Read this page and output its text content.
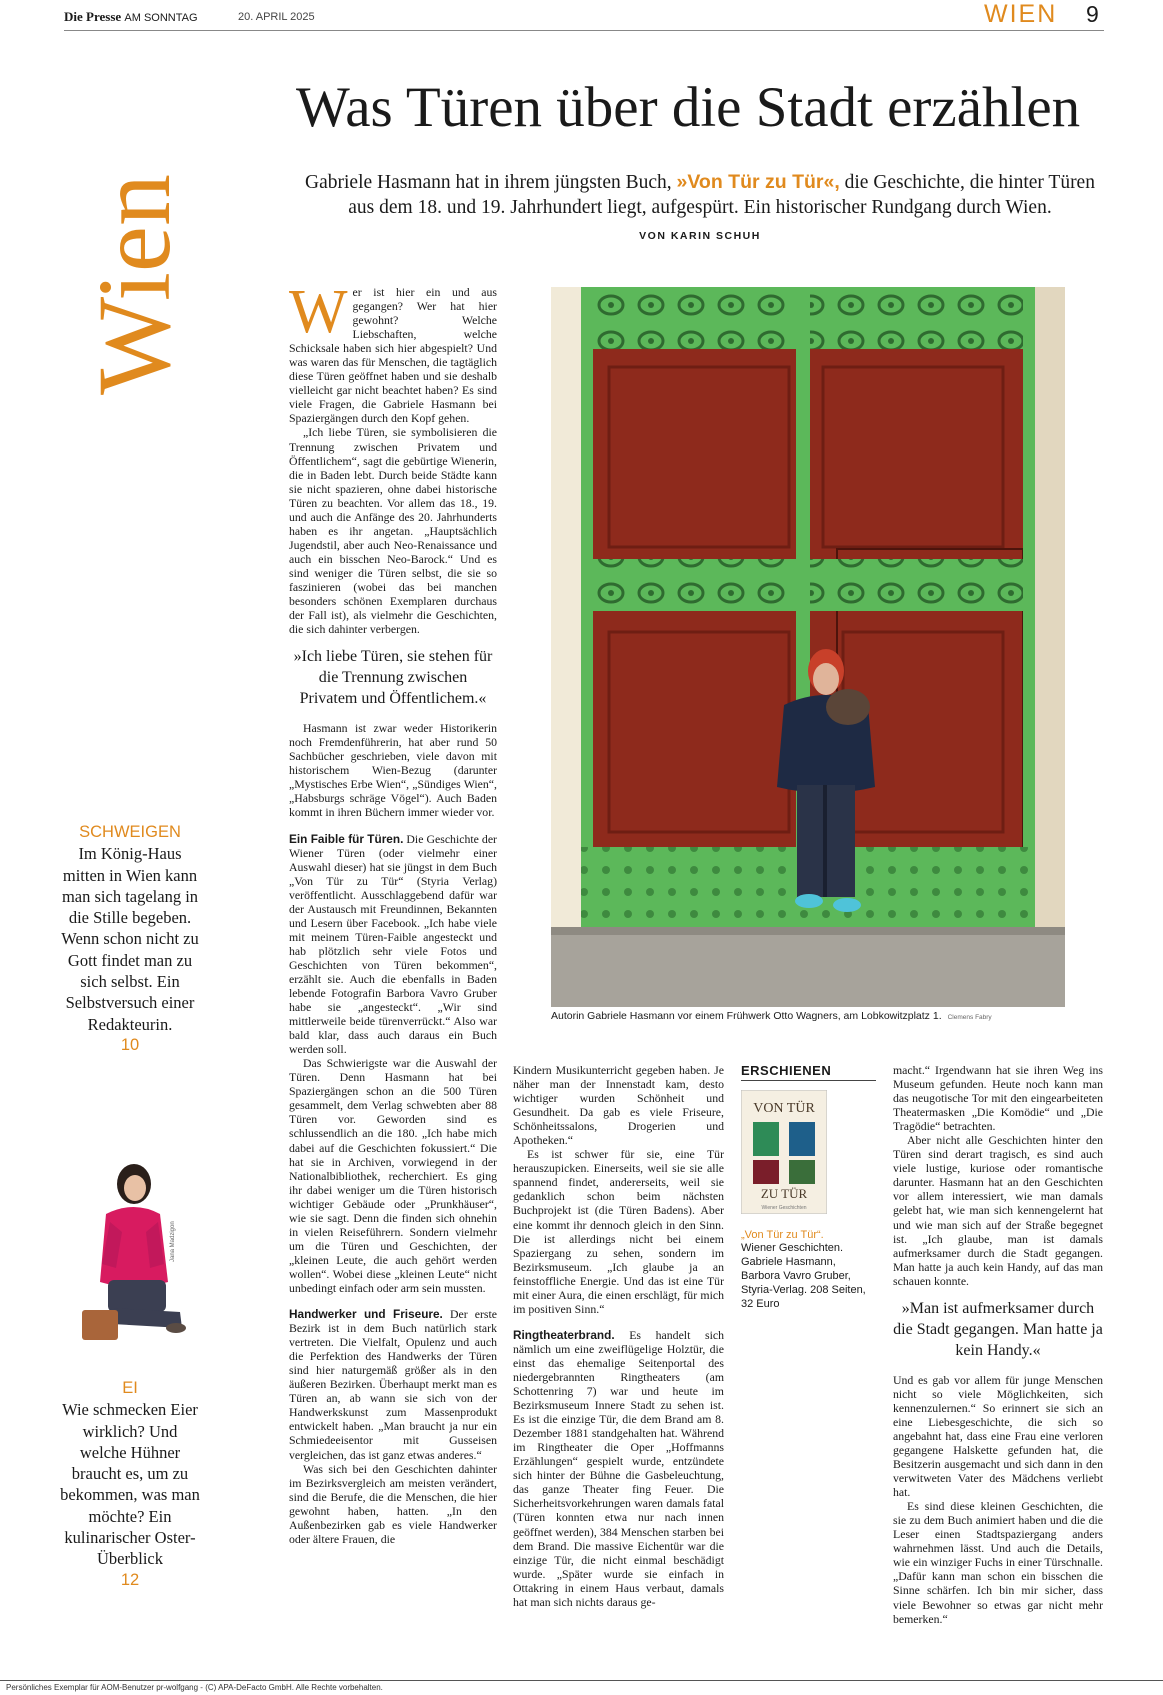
Die Presse AM SONNTAG	20. APRIL 2025	WIEN 9
Wien
Was Türen über die Stadt erzählen
Gabriele Hasmann hat in ihrem jüngsten Buch, »Von Tür zu Tür«, die Geschichte, die hinter Türen aus dem 18. und 19. Jahrhundert liegt, aufgespürt. Ein historischer Rundgang durch Wien.
VON KARIN SCHUH
SCHWEIGEN
Im König-Haus mitten in Wien kann man sich tagelang in die Stille begeben. Wenn schon nicht zu Gott findet man zu sich selbst. Ein Selbstversuch einer Redakteurin.
10
Jana Madzigon
EI
Wie schmecken Eier wirklich? Und welche Hühner braucht es, um zu bekommen, was man möchte? Ein kulinarischer Oster-Überblick
12

Wer ist hier ein und aus gegangen? Wer hat hier gewohnt? Welche Liebschaften, welche Schicksale haben sich hier abgespielt? Und was waren das für Menschen, die tagtäglich diese Türen geöffnet haben und sie deshalb vielleicht gar nicht beachtet haben? Es sind viele Fragen, die Gabriele Hasmann bei Spaziergängen durch den Kopf gehen.

„Ich liebe Türen, sie symbolisieren die Trennung zwischen Privatem und Öffentlichem“, sagt die gebürtige Wienerin, die in Baden lebt. Durch beide Städte kann sie nicht spazieren, ohne dabei historische Türen zu beachten. Vor allem das 18., 19. und auch die Anfänge des 20. Jahrhunderts haben es ihr angetan. „Hauptsächlich Jugendstil, aber auch Neo-Renaissance und auch ein bisschen Neo-Barock.“ Und es sind weniger die Türen selbst, die sie so faszinieren (wobei das bei manchen besonders schönen Exemplaren durchaus der Fall ist), als vielmehr die Geschichten, die sich dahinter verbergen.

»Ich liebe Türen, sie stehen für die Trennung zwischen Privatem und Öffentlichem.«

Hasmann ist zwar weder Historikerin noch Fremdenführerin, hat aber rund 50 Sachbücher geschrieben, viele davon mit historischem Wien-Bezug (darunter „Mystisches Erbe Wien“, „Sündiges Wien“, „Habsburgs schräge Vögel“). Auch Baden kommt in ihren Büchern immer wieder vor.

Ein Faible für Türen. Die Geschichte der Wiener Türen (oder vielmehr einer Auswahl dieser) hat sie jüngst in dem Buch „Von Tür zu Tür“ (Styria Verlag) veröffentlicht. Ausschlaggebend dafür war der Austausch mit Freundinnen, Bekannten und Lesern über Facebook. „Ich habe viele mit meinem Türen-Faible angesteckt und hab plötzlich sehr viele Fotos und Geschichten von Türen bekommen“, erzählt sie. Auch die ebenfalls in Baden lebende Fotografin Barbora Vavro Gruber habe sie „angesteckt“. „Wir sind mittlerweile beide türenverrückt.“ Also war bald klar, dass auch daraus ein Buch werden soll.

Das Schwierigste war die Auswahl der Türen. Denn Hasmann hat bei Spaziergängen schon an die 500 Türen gesammelt, dem Verlag schwebten aber 88 Türen vor. Geworden sind es schlussendlich an die 180. „Ich habe mich dabei auf die Geschichten fokussiert.“ Die hat sie in Archiven, vorwiegend in der Nationalbibliothek, recherchiert. Es ging ihr dabei weniger um die Türen historisch wichtiger Gebäude oder „Prunkhäuser“, wie sie sagt. Denn die finden sich ohnehin in vielen Reiseführern. Sondern vielmehr um die Türen und Geschichten, der „kleinen Leute, die auch gehört werden wollen“. Wobei diese „kleinen Leute“ nicht unbedingt einfach oder arm sein mussten.

Handwerker und Friseure. Der erste Bezirk ist in dem Buch natürlich stark vertreten. Die Vielfalt, Opulenz und auch die Perfektion des Handwerks der Türen sind hier naturgemäß größer als in den äußeren Bezirken. Überhaupt merkt man es Türen an, ab wann sie sich von der Handwerkskunst zum Massenprodukt entwickelt haben. „Man braucht ja nur ein Schmiedeeisentor mit Gusseisen vergleichen, das ist ganz etwas anderes.“

Was sich bei den Geschichten dahinter im Bezirksvergleich am meisten verändert, sind die Berufe, die die Menschen, die hier gewohnt haben, hatten. „In den Außenbezirken gab es viele Handwerker oder ältere Frauen, die

Autorin Gabriele Hasmann vor einem Frühwerk Otto Wagners, am Lobkowitzplatz 1. Clemens Fabry

Kindern Musikunterricht gegeben haben. Je näher man der Innenstadt kam, desto wichtiger wurden Schönheit und Gesundheit. Da gab es viele Friseure, Schönheitssalons, Drogerien und Apotheken.“

Es ist schwer für sie, eine Tür herauszupicken. Einerseits, weil sie sie alle spannend findet, andererseits, weil sie gedanklich schon beim nächsten Buchprojekt ist (die Türen Badens). Aber eine kommt ihr dennoch gleich in den Sinn. Die ist allerdings nicht bei einem Spaziergang zu sehen, sondern im Bezirksmuseum. „Ich glaube ja an feinstoffliche Energie. Und das ist eine Tür mit einer Aura, die einen erschlägt, für mich im positiven Sinn.“

Ringtheaterbrand. Es handelt sich nämlich um eine zweiflügelige Holztür, die einst das ehemalige Seitenportal des niedergebrannten Ringtheaters (am Schottenring 7) war und heute im Bezirksmuseum Innere Stadt zu sehen ist. Es ist die einzige Tür, die dem Brand am 8. Dezember 1881 standgehalten hat. Während im Ringtheater die Oper „Hoffmanns Erzählungen“ gespielt wurde, entzündete sich hinter der Bühne die Gasbeleuchtung, das ganze Theater fing Feuer. Die Sicherheitsvorkehrungen waren damals fatal (Türen konnten etwa nur nach innen geöffnet werden), 384 Menschen starben bei dem Brand. Die massive Eichentür war die einzige Tür, die nicht einmal beschädigt wurde. „Später wurde sie einfach in Ottakring in einem Haus verbaut, damals hat man sich nichts daraus ge-

ERSCHIENEN
VON TÜR
ZU TÜR
Wiener Geschichten
„Von Tür zu Tür“.
Wiener Geschichten. Gabriele Hasmann, Barbora Vavro Gruber, Styria-Verlag. 208 Seiten, 32 Euro

macht.“ Irgendwann hat sie ihren Weg ins Museum gefunden. Heute noch kann man das neugotische Tor mit den eingearbeiteten Theatermasken „Die Komödie“ und „Die Tragödie“ betrachten.

Aber nicht alle Geschichten hinter den Türen sind derart tragisch, es sind auch viele lustige, kuriose oder romantische darunter. Hasmann hat an den Geschichten vor allem interessiert, wie man damals gelebt hat, wie man sich kennengelernt hat und wie man sich auf der Straße begegnet ist. „Ich glaube, man ist damals aufmerksamer durch die Stadt gegangen. Man hatte ja auch kein Handy, auf das man schauen konnte.

»Man ist aufmerksamer durch die Stadt gegangen. Man hatte ja kein Handy.«

Und es gab vor allem für junge Menschen nicht so viele Möglichkeiten, sich kennenzulernen.“ So erinnert sie sich an eine Liebesgeschichte, die sich so angebahnt hat, dass eine Frau eine verloren gegangene Halskette gefunden hat, die Besitzerin ausgemacht und sich dann in den verwitweten Vater des Mädchens verliebt hat.

Es sind diese kleinen Geschichten, die sie zu dem Buch animiert haben und die die Leser einen Stadtspaziergang anders wahrnehmen lässt. Und auch die Details, wie ein winziger Fuchs in einer Türschnalle. „Dafür kann man schon ein bisschen die Sinne schärfen. Ich bin mir sicher, dass viele Bewohner so etwas gar nicht mehr bemerken.“

Persönliches Exemplar für AOM-Benutzer pr-wolfgang - (C) APA-DeFacto GmbH. Alle Rechte vorbehalten.
